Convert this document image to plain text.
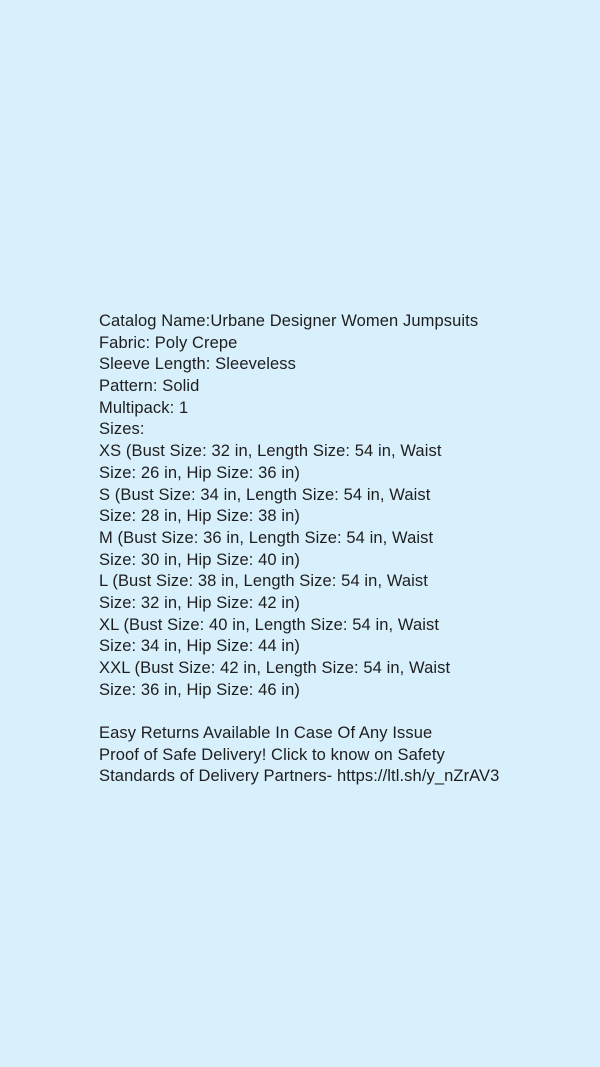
Catalog Name:Urbane Designer Women Jumpsuits
Fabric: Poly Crepe
Sleeve Length: Sleeveless
Pattern: Solid
Multipack: 1
Sizes:
XS (Bust Size: 32 in, Length Size: 54 in, Waist
Size: 26 in, Hip Size: 36 in)
S (Bust Size: 34 in, Length Size: 54 in, Waist
Size: 28 in, Hip Size: 38 in)
M (Bust Size: 36 in, Length Size: 54 in, Waist
Size: 30 in, Hip Size: 40 in)
L (Bust Size: 38 in, Length Size: 54 in, Waist
Size: 32 in, Hip Size: 42 in)
XL (Bust Size: 40 in, Length Size: 54 in, Waist
Size: 34 in, Hip Size: 44 in)
XXL (Bust Size: 42 in, Length Size: 54 in, Waist
Size: 36 in, Hip Size: 46 in)
Easy Returns Available In Case Of Any Issue
Proof of Safe Delivery! Click to know on Safety
Standards of Delivery Partners- https://ltl.sh/y_nZrAV3
